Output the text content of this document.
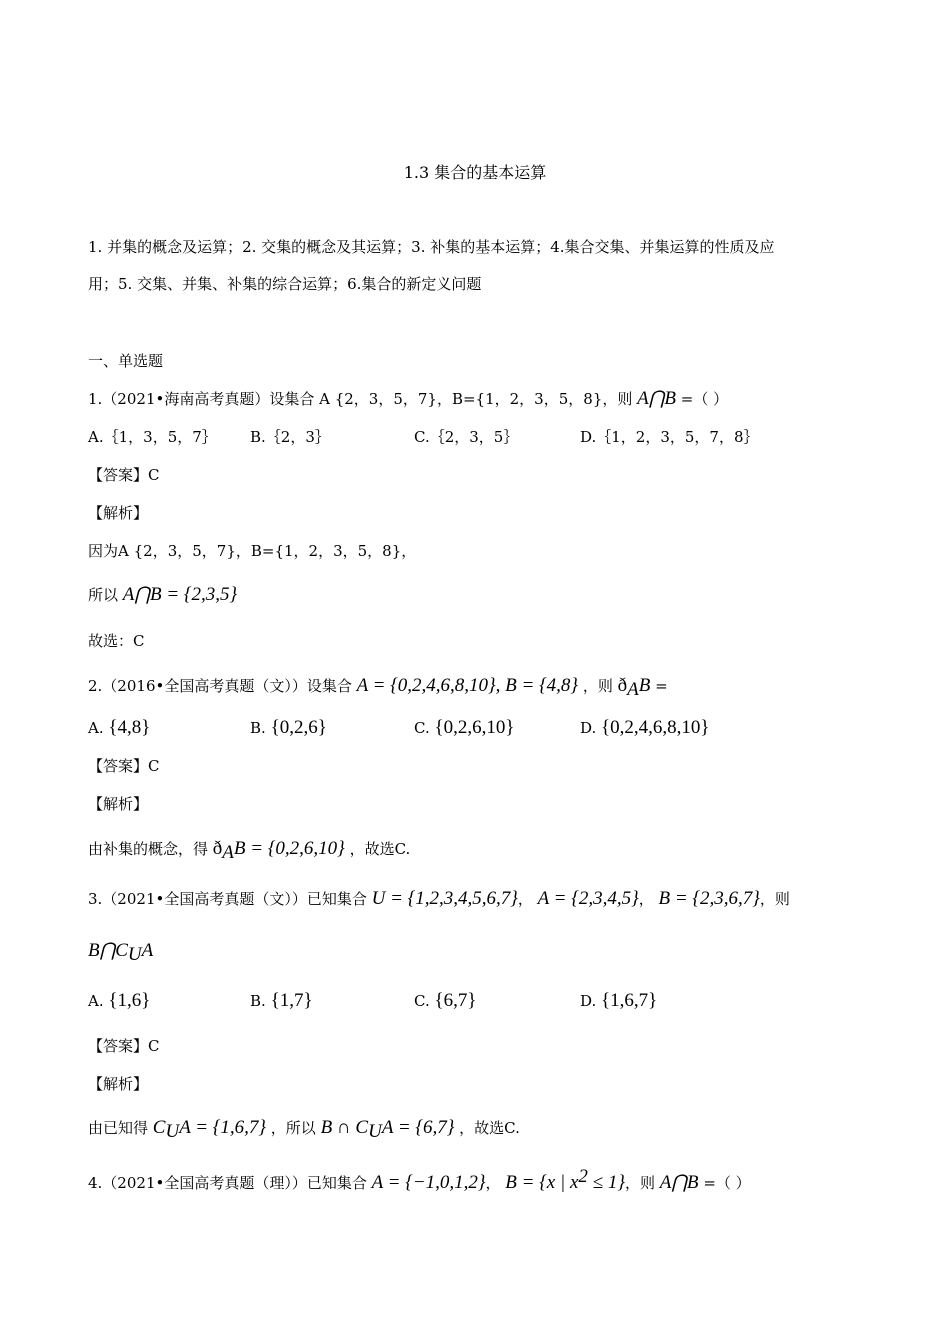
1.3 集合的基本运算
1. 并集的概念及运算；2. 交集的概念及其运算；3. 补集的基本运算；4.集合交集、并集运算的性质及应
用；5. 交集、并集、补集的综合运算；6.集合的新定义问题
一、单选题
1.（2021•海南高考真题）设集合 A {2，3，5，7}，B={1，2，3，5，8}，则 A⋂B =（ ）
A.｛1，3，5，7｝ B.｛2，3｝	C.｛2，3，5｝	D.｛1，2，3，5，7，8｝
【答案】C
【解析】
因为A {2，3，5，7}，B={1，2，3，5，8}，
所以 A⋂B = {2,3,5}
故选：C
2.（2016•全国高考真题（文））设集合 A = {0,2,4,6,8,10}, B = {4,8} ，则 $ð_AB$ =
A. {4,8}	B. {0,2,6}	C. {0,2,6,10}	D. {0,2,4,6,8,10}
【答案】C
【解析】
由补集的概念，得 $ð_AB = \{0,2,6,10\}$ ，故选C.
3.（2021•全国高考真题（文））已知集合 U = {1,2,3,4,5,6,7}， A = {2,3,4,5}， B = {2,3,6,7}，则
$B⋂C_UA$
A. {1,6}	B. {1,7}	C. {6,7}	D. {1,6,7}
【答案】C
【解析】
由已知得 $C_UA = \{1,6,7\}$ ，所以 B ∩ $C_UA = \{6,7\}$ ，故选C.
4.（2021•全国高考真题（理））已知集合 A = {−1,0,1,2}， B = {x | $x^2 \le 1$}，则 A⋂B =（ ）
